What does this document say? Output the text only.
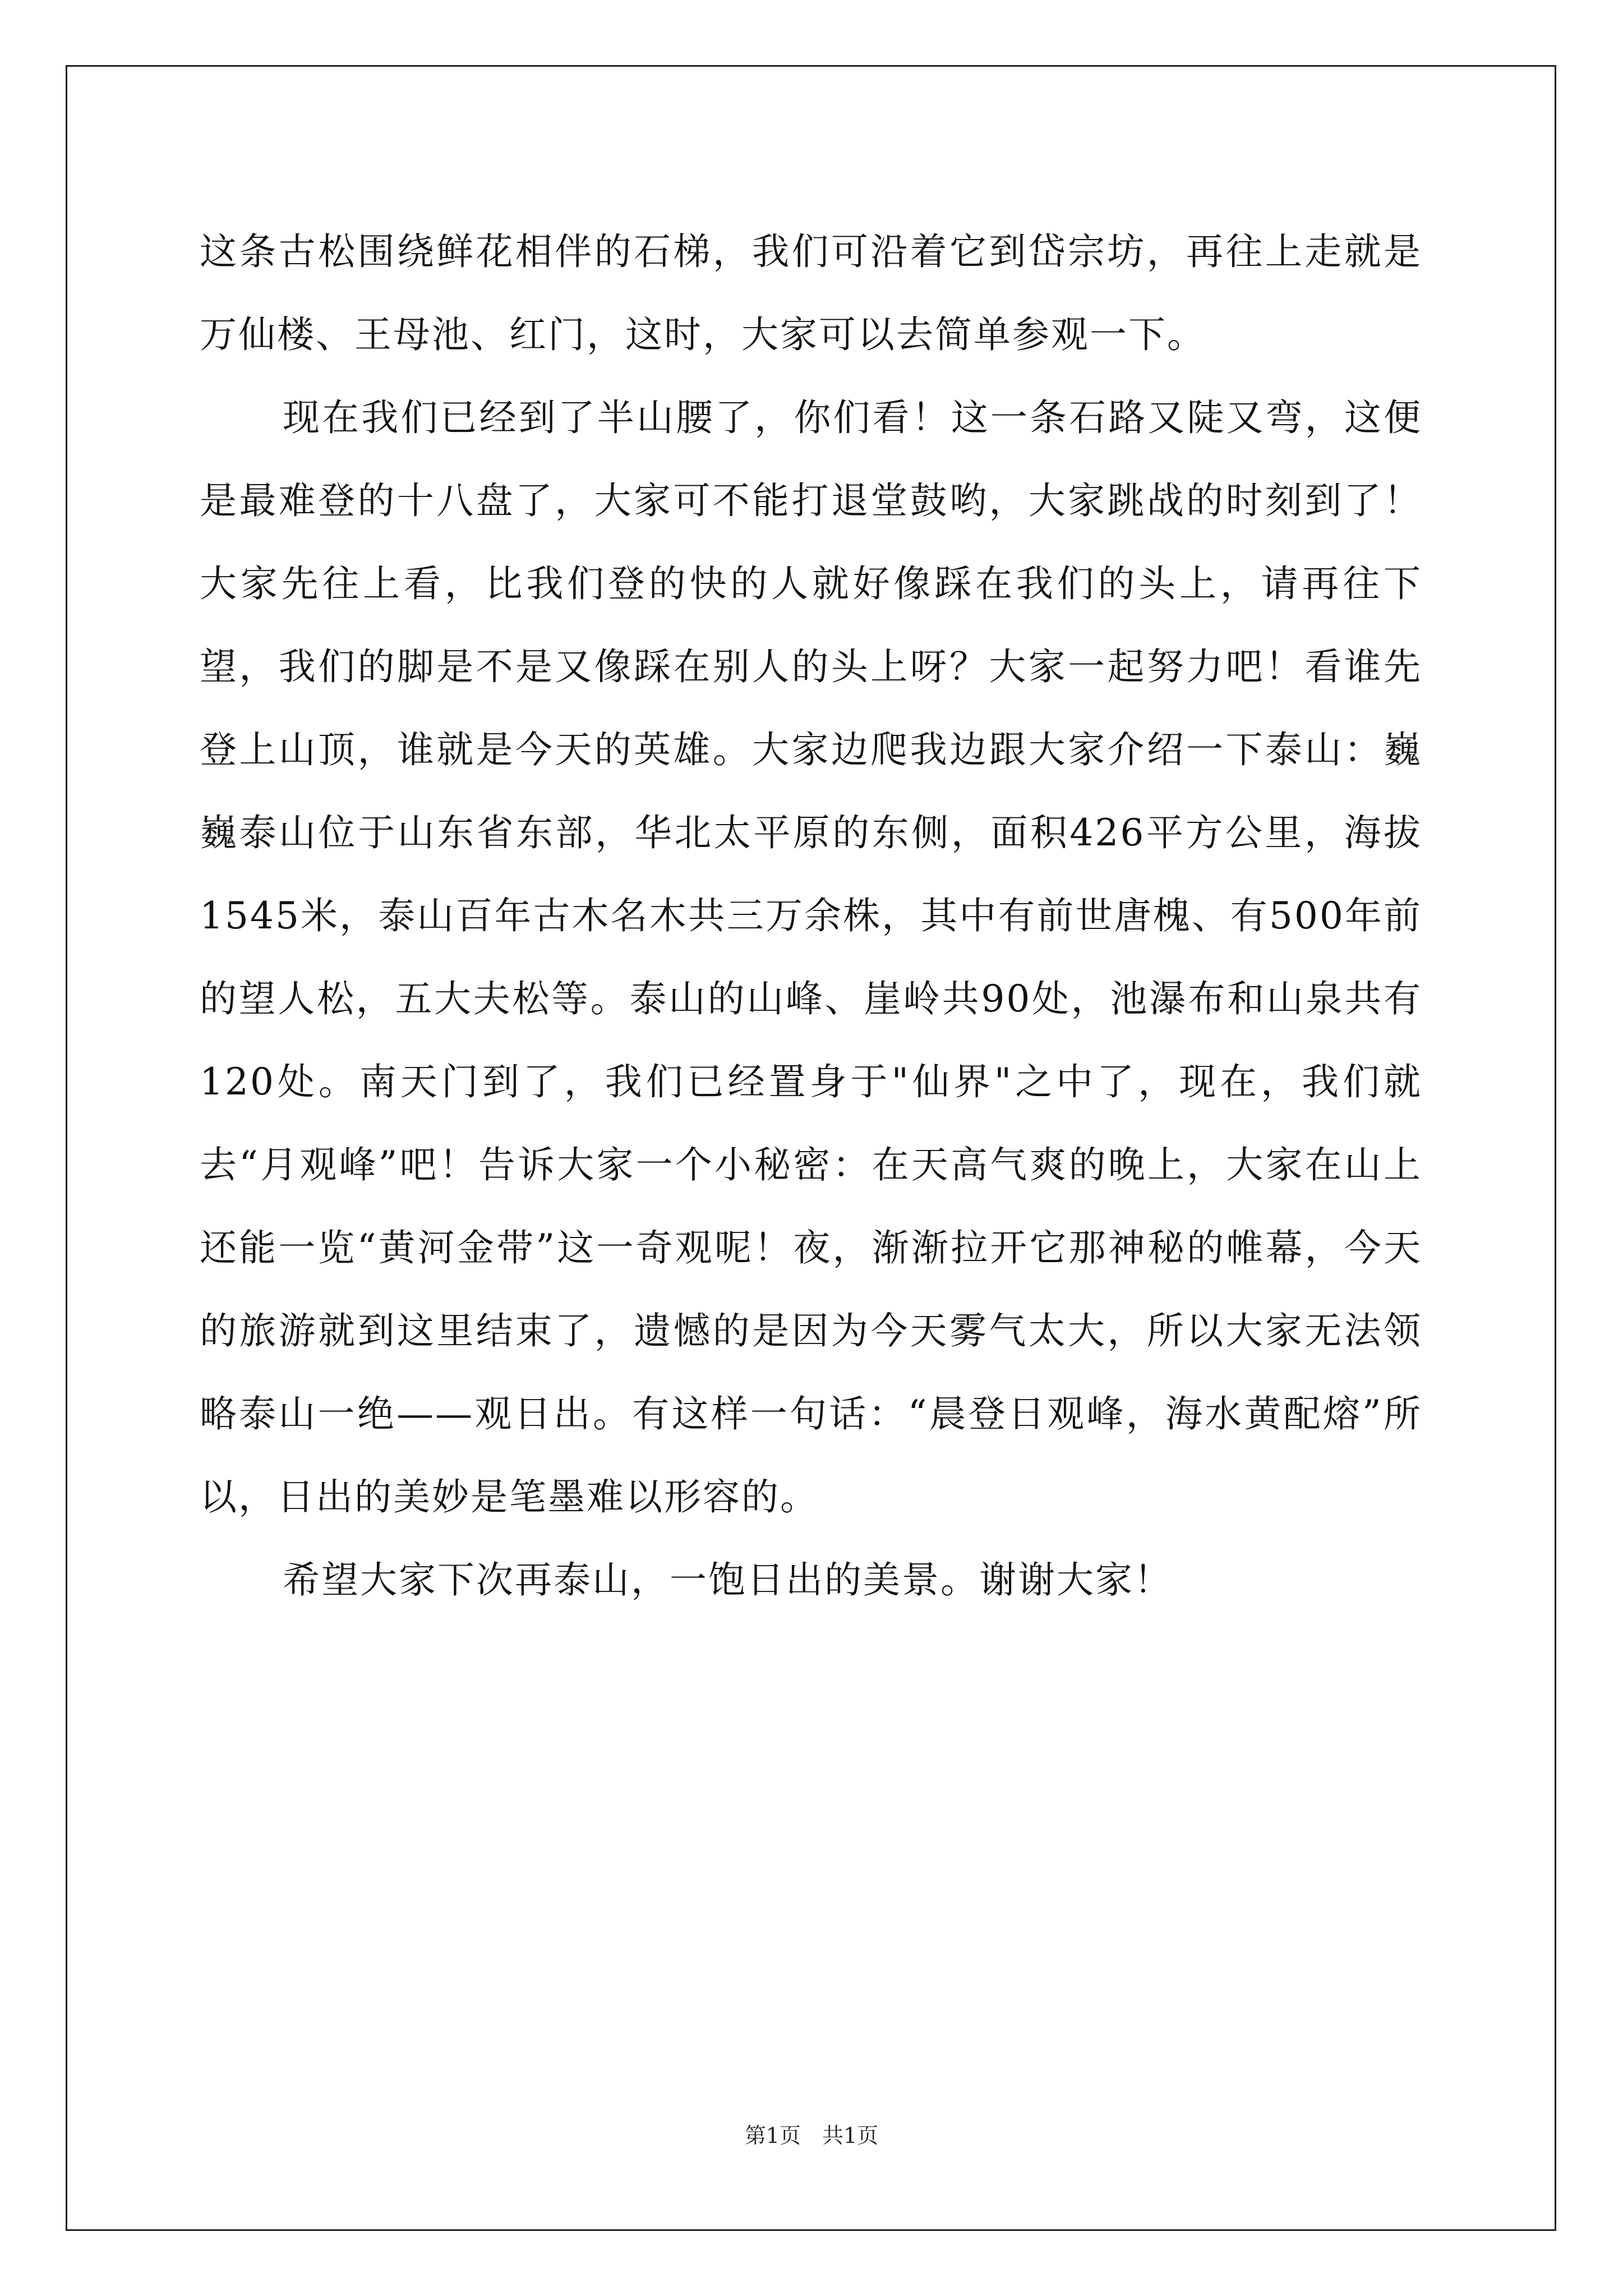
这条古松围绕鲜花相伴的石梯，我们可沿着它到岱宗坊，再往上走就是万仙楼、王母池、红门，这时，大家可以去简单参观一下。

现在我们已经到了半山腰了，你们看！这一条石路又陡又弯，这便是最难登的十八盘了，大家可不能打退堂鼓哟，大家跳战的时刻到了！大家先往上看，比我们登的快的人就好像踩在我们的头上，请再往下望，我们的脚是不是又像踩在别人的头上呀？大家一起努力吧！看谁先登上山顶，谁就是今天的英雄。大家边爬我边跟大家介绍一下泰山：巍巍泰山位于山东省东部，华北太平原的东侧，面积426平方公里，海拔1545米，泰山百年古木名木共三万余株，其中有前世唐槐、有500年前的望人松，五大夫松等。泰山的山峰、崖岭共90处，池瀑布和山泉共有120处。南天门到了，我们已经置身于"仙界"之中了，现在，我们就去“月观峰”吧！告诉大家一个小秘密：在天高气爽的晚上，大家在山上还能一览“黄河金带”这一奇观呢！夜，渐渐拉开它那神秘的帷幕，今天的旅游就到这里结束了，遗憾的是因为今天雾气太大，所以大家无法领略泰山一绝——观日出。有这样一句话：“晨登日观峰，海水黄配熔”所以，日出的美妙是笔墨难以形容的。

希望大家下次再泰山，一饱日出的美景。谢谢大家！

第1页　共1页
